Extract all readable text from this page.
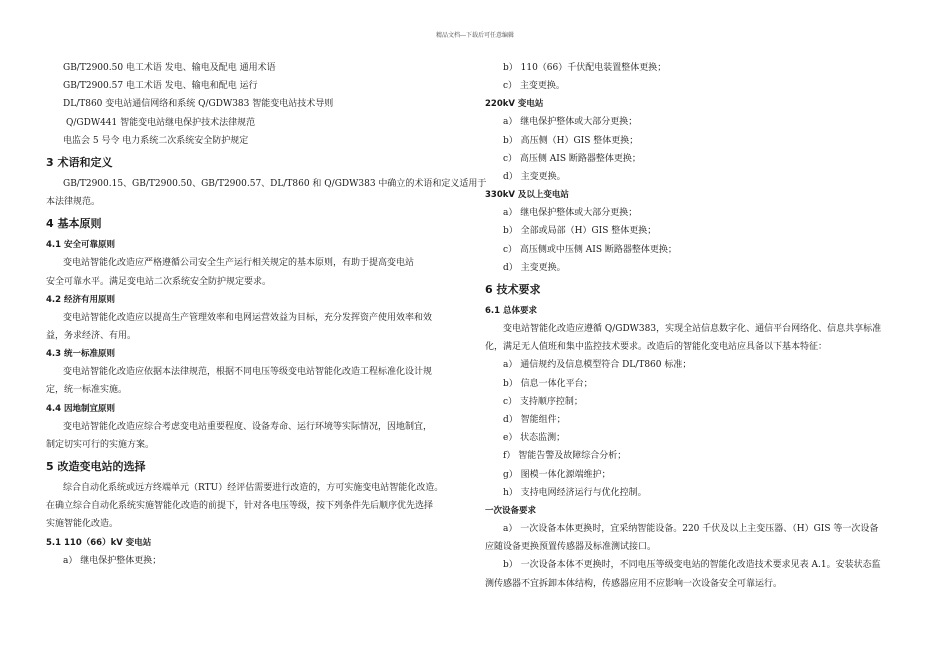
精品文档---下载后可任意编辑
GB/T2900.50 电工术语 发电、输电及配电 通用术语
GB/T2900.57 电工术语 发电、输电和配电 运行
DL/T860 变电站通信网络和系统 Q/GDW383 智能变电站技术导则
Q/GDW441 智能变电站继电保护技术法律规范
电监会 5 号令 电力系统二次系统安全防护规定
3 术语和定义
GB/T2900.15、GB/T2900.50、GB/T2900.57、DL/T860 和 Q/GDW383 中确立的术语和定义适用于
本法律规范。
4 基本原则
4.1 安全可靠原则
变电站智能化改造应严格遵循公司安全生产运行相关规定的基本原则，有助于提高变电站
安全可靠水平。满足变电站二次系统安全防护规定要求。
4.2 经济有用原则
变电站智能化改造应以提高生产管理效率和电网运营效益为目标，充分发挥资产使用效率和效
益，务求经济、有用。
4.3 统一标准原则
变电站智能化改造应依据本法律规范，根据不同电压等级变电站智能化改造工程标准化设计规
定，统一标准实施。
4.4 因地制宜原则
变电站智能化改造应综合考虑变电站重要程度、设备寿命、运行环境等实际情况，因地制宜，
制定切实可行的实施方案。
5 改造变电站的选择
综合自动化系统或远方终端单元（RTU）经评估需要进行改造的，方可实施变电站智能化改造。
在确立综合自动化系统实施智能化改造的前提下，针对各电压等级，按下列条件先后顺序优先选择
实施智能化改造。
5.1 110（66）kV 变电站
a） 继电保护整体更换；
b） 110（66）千伏配电装置整体更换；
c） 主变更换。
220kV 变电站
a） 继电保护整体或大部分更换；
b） 高压侧（H）GIS 整体更换；
c） 高压侧 AIS 断路器整体更换；
d） 主变更换。
330kV 及以上变电站
a） 继电保护整体或大部分更换；
b） 全部或局部（H）GIS 整体更换；
c） 高压侧或中压侧 AIS 断路器整体更换；
d） 主变更换。
6 技术要求
6.1 总体要求
变电站智能化改造应遵循 Q/GDW383，实现全站信息数字化、通信平台网络化、信息共享标准
化，满足无人值班和集中监控技术要求。改造后的智能化变电站应具备以下基本特征：
a） 通信规约及信息模型符合 DL/T860 标准；
b） 信息一体化平台；
c） 支持顺序控制；
d） 智能组件；
e） 状态监测；
f） 智能告警及故障综合分析；
g） 图模一体化源端维护；
h） 支持电网经济运行与优化控制。
一次设备要求
a） 一次设备本体更换时，宜采纳智能设备。220 千伏及以上主变压器、（H）GIS 等一次设备
应随设备更换预置传感器及标准测试接口。
b） 一次设备本体不更换时，不同电压等级变电站的智能化改造技术要求见表 A.1。安装状态监
测传感器不宜拆卸本体结构，传感器应用不应影响一次设备安全可靠运行。
